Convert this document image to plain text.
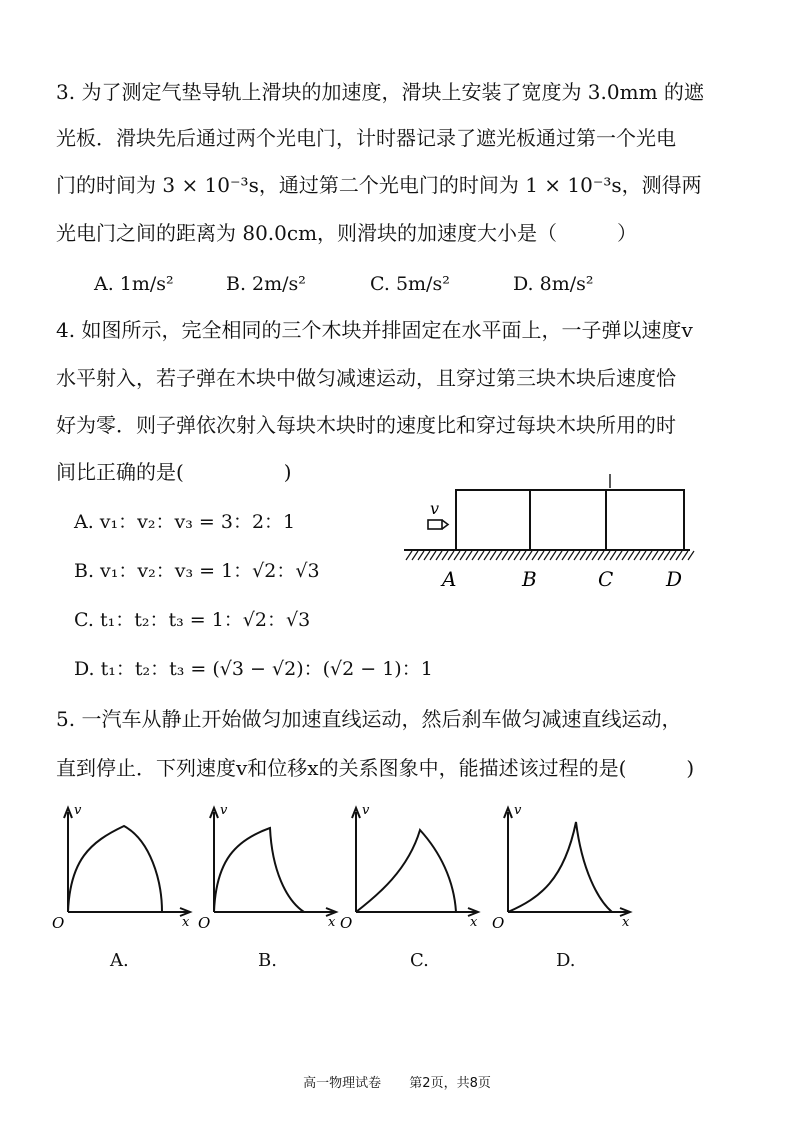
3. 为了测定气垫导轨上滑块的加速度，滑块上安装了宽度为 3.0mm 的遮
光板．滑块先后通过两个光电门，计时器记录了遮光板通过第一个光电
门的时间为 3 × 10⁻³s，通过第二个光电门的时间为 1 × 10⁻³s，测得两
光电门之间的距离为 80.0cm，则滑块的加速度大小是（　　　）
A. 1m/s²	B. 2m/s²	C. 5m/s²	D. 8m/s²
4. 如图所示，完全相同的三个木块并排固定在水平面上，一子弹以速度v
水平射入，若子弹在木块中做匀减速运动，且穿过第三块木块后速度恰
好为零．则子弹依次射入每块木块时的速度比和穿过每块木块所用的时
间比正确的是(　　　　　)
A. v₁：v₂：v₃ = 3：2：1
B. v₁：v₂：v₃ = 1：√2：√3
C. t₁：t₂：t₃ = 1：√2：√3
D. t₁：t₂：t₃ = (√3 − √2)：(√2 − 1)：1
v
A	B	C	D
5. 一汽车从静止开始做匀加速直线运动，然后刹车做匀减速直线运动，
直到停止．下列速度v和位移x的关系图象中，能描述该过程的是(　　　)
v
x
O
v
x
O
v
x
O
v
x
O
A.	B.	C.	D.
高一物理试卷 第2页，共8页
